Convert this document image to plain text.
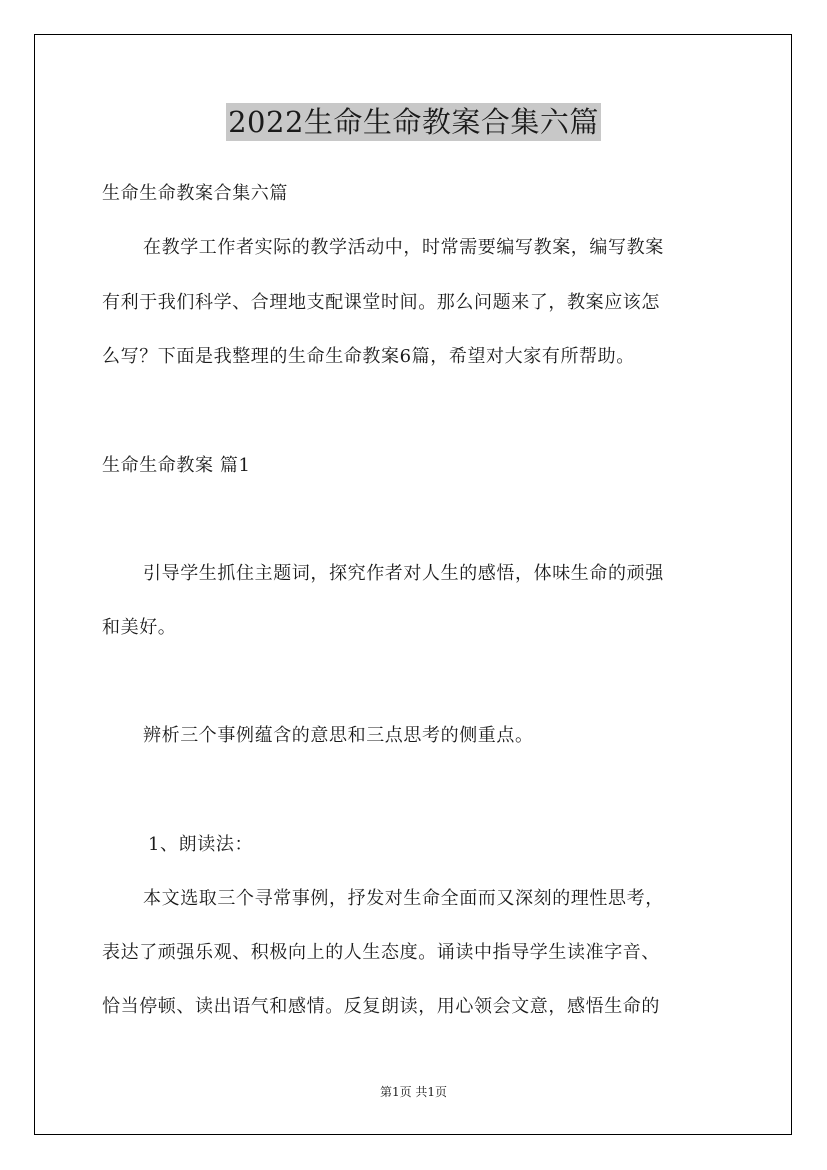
2022生命生命教案合集六篇
生命生命教案合集六篇
在教学工作者实际的教学活动中，时常需要编写教案，编写教案
有利于我们科学、合理地支配课堂时间。那么问题来了，教案应该怎
么写？下面是我整理的生命生命教案6篇，希望对大家有所帮助。
生命生命教案 篇1
引导学生抓住主题词，探究作者对人生的感悟，体味生命的顽强
和美好。
辨析三个事例蕴含的意思和三点思考的侧重点。
1、朗读法：
本文选取三个寻常事例，抒发对生命全面而又深刻的理性思考，
表达了顽强乐观、积极向上的人生态度。诵读中指导学生读准字音、
恰当停顿、读出语气和感情。反复朗读，用心领会文意，感悟生命的
第1页 共1页
